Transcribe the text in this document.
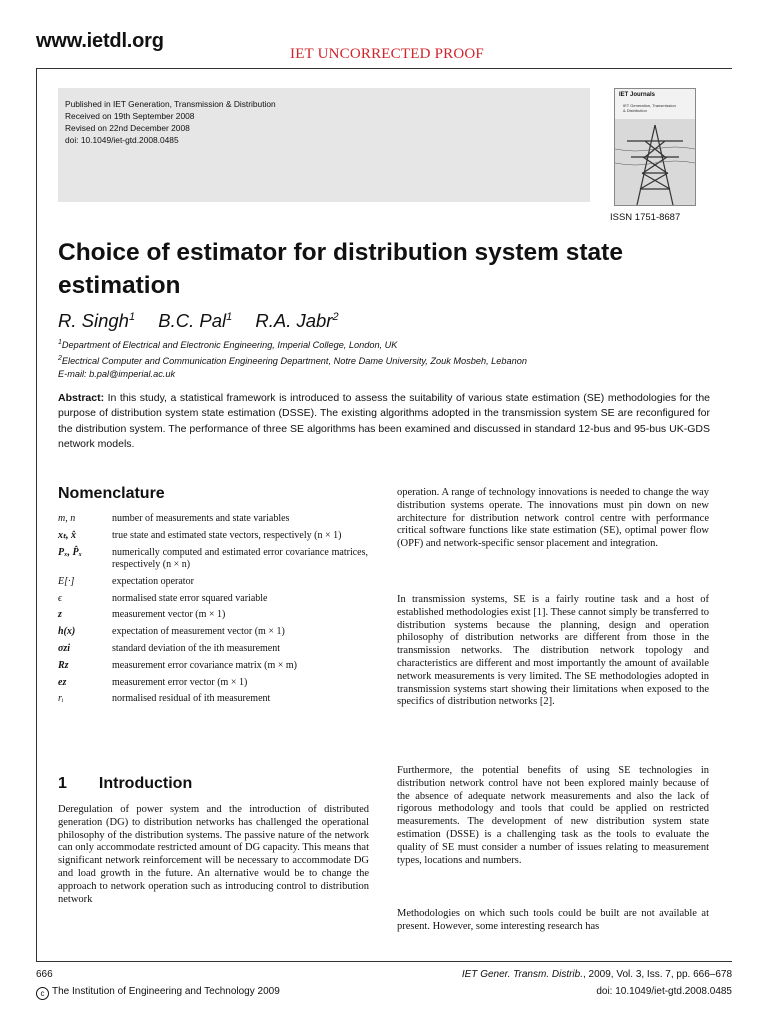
www.ietdl.org
IET UNCORRECTED PROOF
Published in IET Generation, Transmission & Distribution
Received on 19th September 2008
Revised on 22nd December 2008
doi: 10.1049/iet-gtd.2008.0485
IET Journals
IET Generation, Transmission
& Distribution
ISSN 1751-8687
Choice of estimator for distribution system state estimation
R. Singh$^1$ B.C. Pal$^1$ R.A. Jabr$^2$
$^1$Department of Electrical and Electronic Engineering, Imperial College, London, UK
$^2$Electrical Computer and Communication Engineering Department, Notre Dame University, Zouk Mosbeh, Lebanon
E-mail: b.pal@imperial.ac.uk
Abstract: In this study, a statistical framework is introduced to assess the suitability of various state estimation (SE) methodologies for the purpose of distribution system state estimation (DSSE). The existing algorithms adopted in the transmission system SE are reconfigured for the distribution system. The performance of three SE algorithms has been examined and discussed in standard 12-bus and 95-bus UK-GDS network models.
Nomenclature
m, n	number of measurements and state variables
xₜ, x̂	true state and estimated state vectors, respectively (n × 1)
Pₓ, P̂ₓ	numerically computed and estimated error covariance matrices, respectively (n × n)
E[·]	expectation operator
ϵ	normalised state error squared variable
z	measurement vector (m × 1)
h(x)	expectation of measurement vector (m × 1)
σzi	standard deviation of the ith measurement
Rz	measurement error covariance matrix (m × m)
ez	measurement error vector (m × 1)
rᵢ	normalised residual of ith measurement
1 Introduction
Deregulation of power system and the introduction of distributed generation (DG) to distribution networks has challenged the operational philosophy of the distribution systems. The passive nature of the network can only accommodate restricted amount of DG capacity. This means that significant network reinforcement will be necessary to accommodate DG and load growth in the future. An alternative would be to change the approach to network operation such as introducing control to distribution network
operation. A range of technology innovations is needed to change the way distribution systems operate. The innovations must pin down on new architecture for distribution network control centre with performance critical software functions like state estimation (SE), optimal power flow (OPF) and network-specific sensor placement and integration.
In transmission systems, SE is a fairly routine task and a host of established methodologies exist [1]. These cannot simply be transferred to distribution systems because the planning, design and operation philosophy of distribution networks are different from those in the transmission networks. The distribution network topology and characteristics are different and most importantly the amount of available network measurements is very limited. The SE methodologies adopted in transmission systems start showing their limitations when exposed to the specifics of distribution networks [2].
Furthermore, the potential benefits of using SE technologies in distribution network control have not been explored mainly because of the absence of adequate network measurements and also the lack of rigorous methodology and tools that could be applied on restricted measurements. The development of new distribution system state estimation (DSSE) is a challenging task as the tools to evaluate the quality of SE must consider a number of issues relating to measurement types, locations and numbers.
Methodologies on which such tools could be built are not available at present. However, some interesting research has
666
c The Institution of Engineering and Technology 2009
IET Gener. Transm. Distrib., 2009, Vol. 3, Iss. 7, pp. 666–678
doi: 10.1049/iet-gtd.2008.0485
